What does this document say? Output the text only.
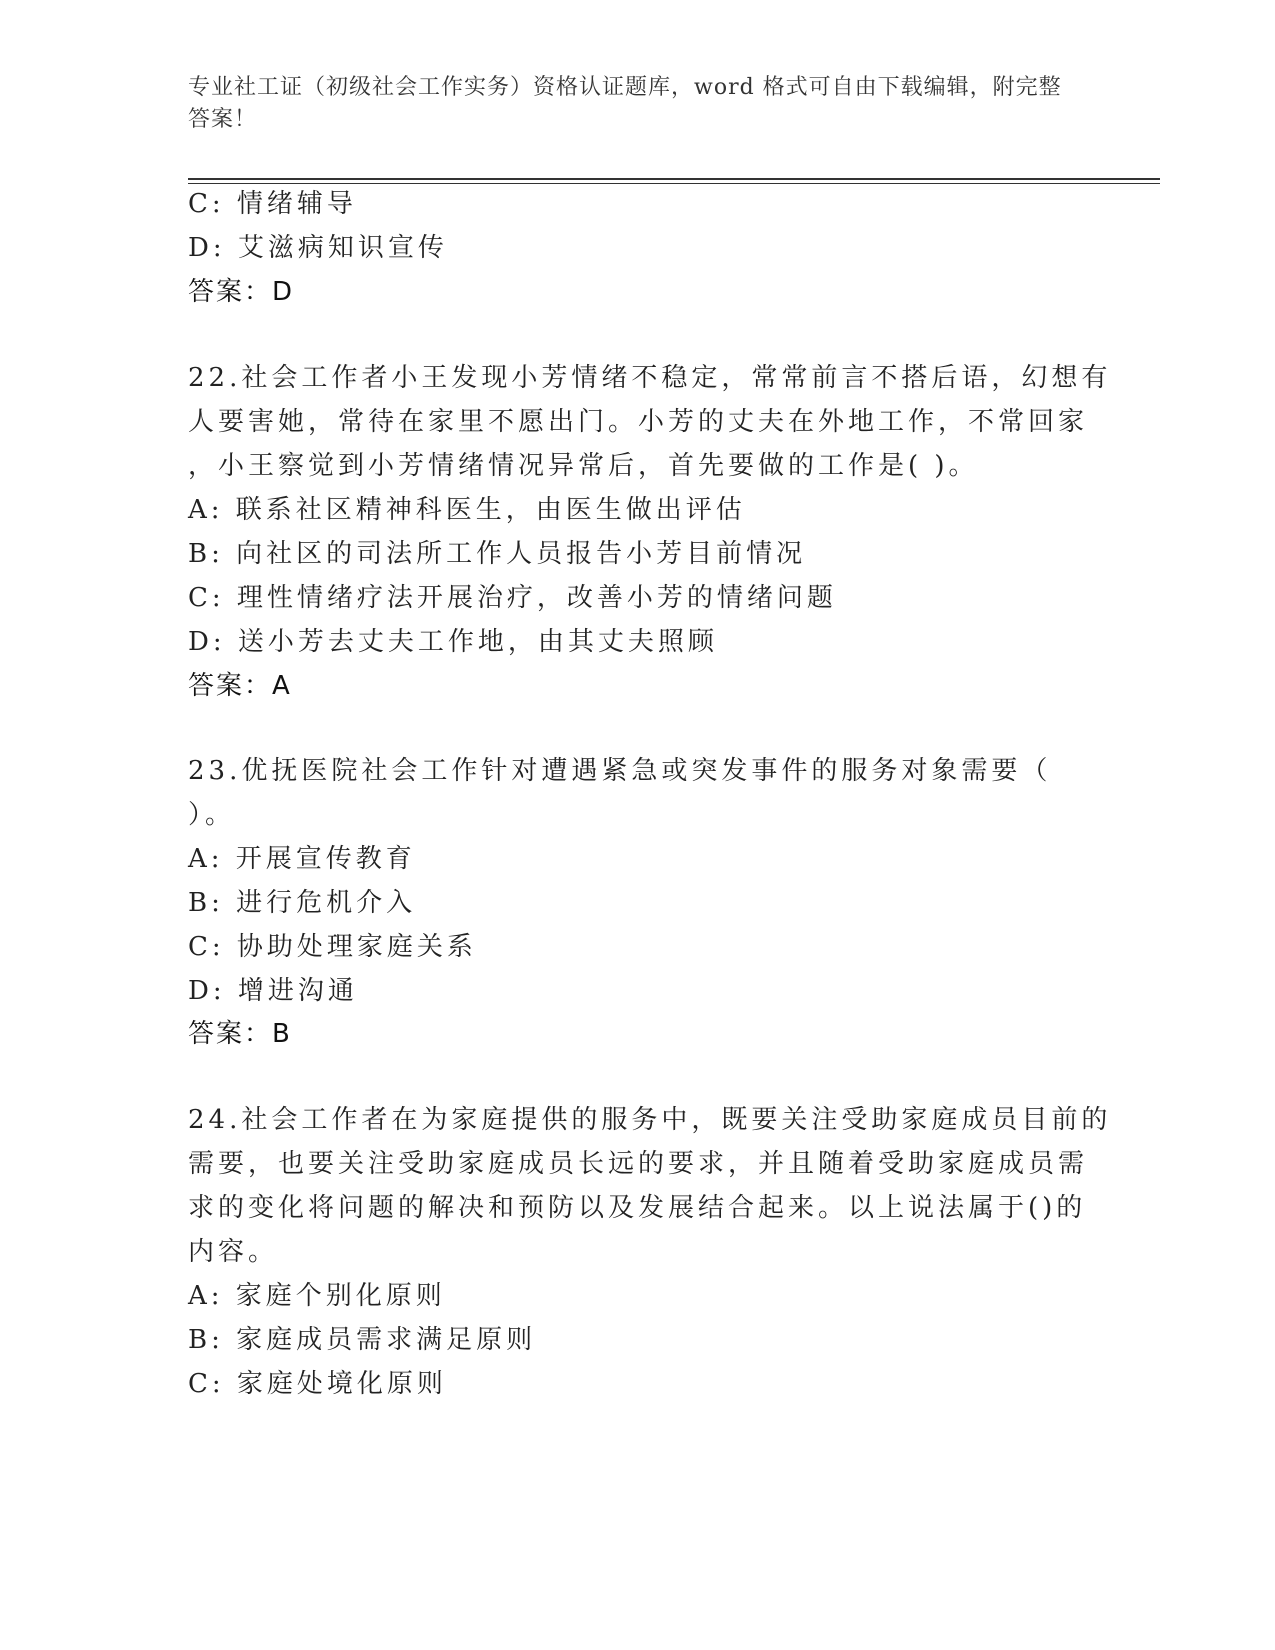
专业社工证（初级社会工作实务）资格认证题库，word 格式可自由下载编辑，附完整答案！
C: 情绪辅导
D: 艾滋病知识宣传
答案：D
22.社会工作者小王发现小芳情绪不稳定，常常前言不搭后语，幻想有
人要害她，常待在家里不愿出门。小芳的丈夫在外地工作，不常回家
，小王察觉到小芳情绪情况异常后，首先要做的工作是( )。
A: 联系社区精神科医生，由医生做出评估
B: 向社区的司法所工作人员报告小芳目前情况
C: 理性情绪疗法开展治疗，改善小芳的情绪问题
D: 送小芳去丈夫工作地，由其丈夫照顾
答案：A
23.优抚医院社会工作针对遭遇紧急或突发事件的服务对象需要（
）。
A: 开展宣传教育
B: 进行危机介入
C: 协助处理家庭关系
D: 增进沟通
答案：B
24.社会工作者在为家庭提供的服务中，既要关注受助家庭成员目前的
需要，也要关注受助家庭成员长远的要求，并且随着受助家庭成员需
求的变化将问题的解决和预防以及发展结合起来。以上说法属于()的
内容。
A: 家庭个别化原则
B: 家庭成员需求满足原则
C: 家庭处境化原则
